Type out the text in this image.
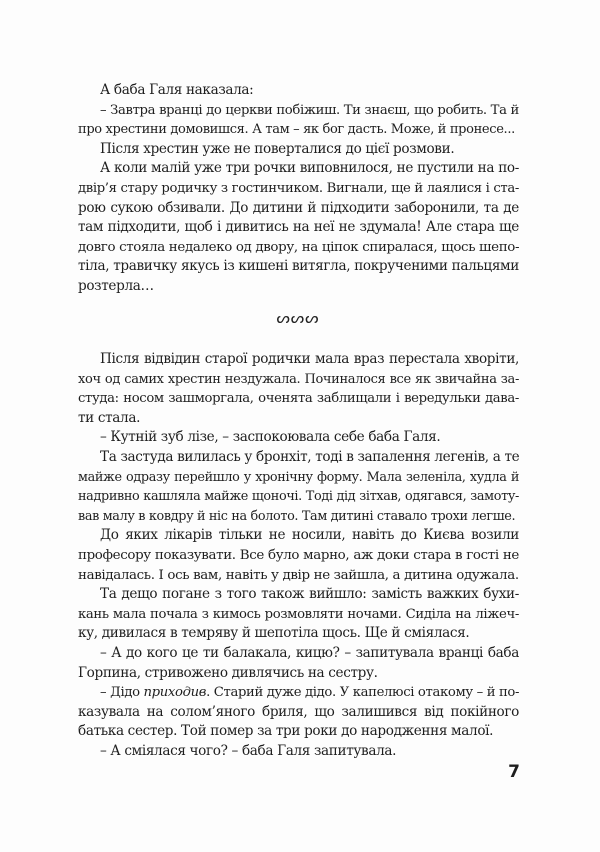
А баба Галя наказала:
– Завтра вранці до церкви побіжиш. Ти знаєш, що робить. Та й
про хрестини домовишся. А там – як бог дасть. Може, й пронесе...
Після хрестин уже не поверталися до цієї розмови.
А коли малій уже три рочки виповнилося, не пустили на по-
двір’я стару родичку з гостинчиком. Вигнали, ще й лаялися і ста-
рою сукою обзивали. До дитини й підходити заборонили, та де
там підходити, щоб і дивитись на неї не здумала! Але стара ще
довго стояла недалеко од двору, на ціпок спиралася, щось шепо-
тіла, травичку якусь із кишені витягла, покрученими пальцями
розтерла…
ᔕᔕᔕ
Після відвідин старої родички мала враз перестала хворіти,
хоч од самих хрестин нездужала. Починалося все як звичайна за-
студа: носом зашморгала, оченята заблищали і вередульки дава-
ти стала.
– Кутній зуб лізе, – заспокоювала себе баба Галя.
Та застуда вилилась у бронхіт, тоді в запалення легенів, а те
майже одразу перейшло у хронічну форму. Мала зеленіла, худла й
надривно кашляла майже щоночі. Тоді дід зітхав, одягався, замоту-
вав малу в ковдру й ніс на болото. Там дитині ставало трохи легше.
До яких лікарів тільки не носили, навіть до Києва возили
професору показувати. Все було марно, аж доки стара в гості не
навідалась. І ось вам, навіть у двір не зайшла, а дитина одужала.
Та дещо погане з того також вийшло: замість важких бухи-
кань мала почала з кимось розмовляти ночами. Сиділа на ліжеч-
ку, дивилася в темряву й шепотіла щось. Ще й сміялася.
– А до кого це ти балакала, кицю? – запитувала вранці баба
Горпина, стривожено дивлячись на сестру.
– Дідо приходив. Старий дуже дідо. У капелюсі отакому – й по-
казувала на солом’яного бриля, що залишився від покійного
батька сестер. Той помер за три роки до народження малої.
– А сміялася чого? – баба Галя запитувала.
7
